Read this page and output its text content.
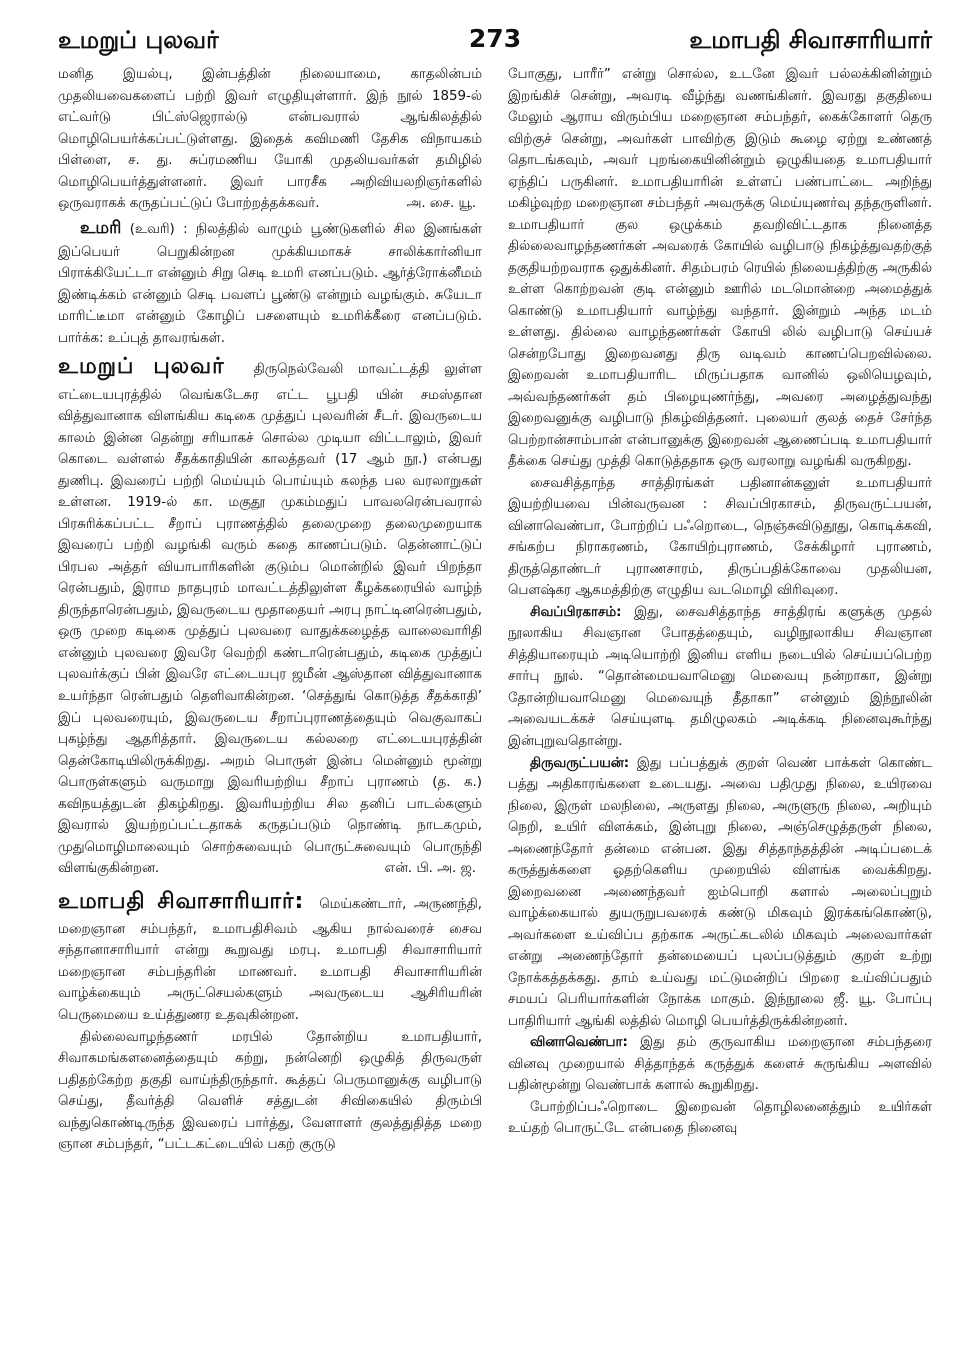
உமறுப் புலவர்	273	உமாபதி சிவாசாரியார்

மனித இயல்பு, இன்பத்தின் நிலையாமை, காதலின்பம் முதலியவைகளைப் பற்றி இவர் எழுதியுள்ளார். இந் நூல் 1859-ல் எட்வர்டு பிட்ஸ்ஜெரால்டு என்பவரால் ஆங்கிலத்தில் மொழிபெயர்க்கப்பட்டுள்ளது. இதைக் கவிமணி தேசிக விநாயகம் பிள்ளை, ச. து. சுப்ரமணிய யோகி முதலியவர்கள் தமிழில் மொழிபெயர்த்துள்ளனர். இவர் பாரசீக அறிவியலறிஞர்களில் ஒருவராகக் கருதப்பட்டுப் போற்றத்தக்கவர்.	அ. சை. யூ.

உமரி (உவரி) : நிலத்தில் வாழும் பூண்டுகளில் சில இனங்கள் இப்பெயர் பெறுகின்றன முக்கியமாகச் சாலிக்கார்னியா பிராக்கியேட்டா என்னும் சிறு செடி உமரி எனப்படும். ஆர்த்ரோக்னீமம் இண்டிக்கம் என்னும் செடி பவளப் பூண்டு என்றும் வழங்கும். சுயேடா மாரிட்டீமா என்னும் கோழிப் பசளையும் உமரிக்கீரை எனப்படும். பார்க்க: உப்புத் தாவரங்கள்.

உமறுப் புலவர் திருநெல்வேலி மாவட்டத்தி லுள்ள எட்டையபுரத்தில் வெங்கடேசுர எட்ட பூபதி யின் சமஸ்தான வித்துவானாக விளங்கிய கடிகை முத்துப் புலவரின் சீடர். இவருடைய காலம் இன்ன தென்று சரியாகச் சொல்ல முடியா விட்டாலும், இவர் கொடை வள்ளல் சீதக்காதியின் காலத்தவர் (17 ஆம் நூ.) என்பது துணிபு. இவரைப் பற்றி மெய்யும் பொய்யும் கலந்த பல வரலாறுகள் உள்ளன. 1919-ல் கா. மகுதூ முகம்மதுப் பாவலரென்பவரால் பிரசுரிக்கப்பட்ட சீறாப் புராணத்தில் தலைமுறை தலைமுறையாக இவரைப் பற்றி வழங்கி வரும் கதை காணப்படும். தென்னாட்டுப் பிரபல அத்தர் வியாபாரிகளின் குடும்ப மொன்றில் இவர் பிறந்தா ரென்பதும், இராம நாதபுரம் மாவட்டத்திலுள்ள கீழக்கரையில் வாழ்ந் திருந்தாரென்பதும், இவருடைய மூதாதையர் அரபு நாட்டினரென்பதும், ஒரு முறை கடிகை முத்துப் புலவரை வாதுக்கழைத்த வாலைவாரிதி என்னும் புலவரை இவரே வெற்றி கண்டாரென்பதும், கடிகை முத்துப் புலவர்க்குப் பின் இவரே எட்டையபுர ஜமீன் ஆஸ்தான வித்துவானாக உயர்ந்தா ரென்பதும் தெளிவாகின்றன. ‘செத்துங் கொடுத்த சீதக்காதி’ இப் புலவரையும், இவருடைய சீறாப்புராணத்தையும் வெகுவாகப் புகழ்ந்து ஆதரித்தார். இவருடைய கல்லறை எட்டையபுரத்தின் தென்கோடியிலிருக்கிறது. அறம் பொருள் இன்ப மென்னும் மூன்று பொருள்களும் வருமாறு இவரியற்றிய சீறாப் புராணம் (த. க.) கவிநயத்துடன் திகழ்கிறது. இவரியற்றிய சில தனிப் பாடல்களும் இவரால் இயற்றப்பட்டதாகக் கருதப்படும் நொண்டி நாடகமும், முதுமொழிமாலையும் சொற்சுவையும் பொருட்சுவையும் பொருந்தி விளங்குகின்றன.	என். பி. அ. ஜ.

உமாபதி சிவாசாரியார்: மெய்கண்டார், அருணந்தி, மறைஞான சம்பந்தர், உமாபதிசிவம் ஆகிய நால்வரைச் சைவ சந்தானாசாரியார் என்று கூறுவது மரபு. உமாபதி சிவாசாரியார் மறைஞான சம்பந்தரின் மாணவர். உமாபதி சிவாசாரியரின் வாழ்க்கையும் அருட்செயல்களும் அவருடைய ஆசிரியரின் பெருமையை உய்த்துணர உதவுகின்றன.

தில்லைவாழந்தணர் மரபில் தோன்றிய உமாபதியார், சிவாகமங்களனைத்தையும் கற்று, நன்னெறி ஒழுகித் திருவருள் பதிதற்கேற்ற தகுதி வாய்ந்திருந்தார். கூத்தப் பெருமானுக்கு வழிபாடு செய்து, தீவர்த்தி வெளிச் சத்துடன் சிவிகையில் திரும்பி வந்துகொண்டிருந்த இவரைப் பார்த்து, வேளாளர் குலத்துதித்த மறை ஞான சம்பந்தர், “பட்டகட்டையில் பகற் குருடு

போகுது, பாரீர்” என்று சொல்ல, உடனே இவர் பல்லக்கினின்றும் இறங்கிச் சென்று, அவரடி வீழ்ந்து வணங்கினர். இவரது தகுதியை மேலும் ஆராய விரும்பிய மறைஞான சம்பந்தர், கைக்கோளர் தெரு விற்குச் சென்று, அவர்கள் பாவிற்கு இடும் கூழை ஏற்று உண்ணத் தொடங்கவும், அவர் புறங்கையினின்றும் ஒழுகியதை உமாபதியார் ஏந்திப் பருகினர். உமாபதியாரின் உள்ளப் பண்பாட்டை அறிந்து மகிழ்வுற்ற மறைஞான சம்பந்தர் அவருக்கு மெய்யுணர்வு தந்தருளினர். உமாபதியார் குல ஒழுக்கம் தவறிவிட்டதாக நினைத்த தில்லைவாழந்தணர்கள் அவரைக் கோயில் வழிபாடு நிகழ்த்துவதற்குத் தகுதியற்றவராக ஒதுக்கினர். சிதம்பரம் ரெயில் நிலையத்திற்கு அருகில் உள்ள கொற்றவன் குடி என்னும் ஊரில் மடமொன்றை அமைத்துக் கொண்டு உமாபதியார் வாழ்ந்து வந்தார். இன்றும் அந்த மடம் உள்ளது. தில்லை வாழந்தணர்கள் கோயி லில் வழிபாடு செய்யச் சென்றபோது இறைவனது திரு வடிவம் காணப்பெறவில்லை. இறைவன் உமாபதியாரிட மிருப்பதாக வானில் ஒலியெழவும், அவ்வந்தணர்கள் தம் பிழையுணர்ந்து, அவரை அழைத்துவந்து இறைவனுக்கு வழிபாடு நிகழ்வித்தனர். புலையர் குலத் தைச் சேர்ந்த பெற்றான்சாம்பான் என்பானுக்கு இறைவன் ஆணைப்படி உமாபதியார் தீக்கை செய்து முத்தி கொடுத்ததாக ஒரு வரலாறு வழங்கி வருகிறது.

சைவசித்தாந்த சாத்திரங்கள் பதினான்கனுள் உமாபதியார் இயற்றியவை பின்வருவன : சிவப்பிரகாசம், திருவருட்பயன், வினாவெண்பா, போற்றிப் பஃறொடை, நெஞ்சுவிடுதூது, கொடிக்கவி, சங்கற்ப நிராகரணம், கோயிற்புராணம், சேக்கிழார் புராணம், திருத்தொண்டர் புராணசாரம், திருப்பதிக்கோவை முதலியன, பௌஷ்கர ஆகமத்திற்கு எழுதிய வடமொழி விரிவுரை.

சிவப்பிரகாசம்: இது, சைவசித்தாந்த சாத்திரங் களுக்கு முதல் நூலாகிய சிவஞான போதத்தையும், வழிநூலாகிய சிவஞான சித்தியாரையும் அடியொற்றி இனிய எளிய நடையில் செய்யப்பெற்ற சார்பு நூல். “தொன்மையவாமெனு மெவையு நன்றாகா, இன்று தோன்றியவாமெனு மெவையுந் தீதாகா” என்னும் இந்நூலின் அவையடக்கச் செய்யுளடி தமிழுலகம் அடிக்கடி நினைவுகூர்ந்து இன்புறுவதொன்று.

திருவருட்பயன்: இது பப்பத்துக் குறள் வெண் பாக்கள் கொண்ட பத்து அதிகாரங்களை உடையது. அவை பதிமுது நிலை, உயிரவை நிலை, இருள் மலநிலை, அருளது நிலை, அருளுரு நிலை, அறியும் நெறி, உயிர் விளக்கம், இன்புறு நிலை, அஞ்செழுத்தருள் நிலை, அணைந்தோர் தன்மை என்பன. இது சித்தாந்தத்தின் அடிப்படைக் கருத்துக்களை ஓதற்கெளிய முறையில் விளங்க வைக்கிறது. இறைவனை அணைந்தவர் ஐம்பொறி களால் அலைப்புறும் வாழ்க்கையால் துயருறுபவரைக் கண்டு மிகவும் இரக்கங்கொண்டு, அவர்களை உய்விப்ப தற்காக அருட்கடலில் மிகவும் அலைவார்கள் என்று அணைந்தோர் தன்மையைப் புலப்படுத்தும் குறள் உற்று நோக்கத்தக்கது. தாம் உய்வது மட்டுமன்றிப் பிறரை உய்விப்பதும் சமயப் பெரியார்களின் நோக்க மாகும். இந்நூலை ஜீ. யூ. போப்பு பாதிரியார் ஆங்கி லத்தில் மொழி பெயர்த்திருக்கின்றனர்.

வினாவெண்பா: இது தம் குருவாகிய மறைஞான சம்பந்தரை வினவு முறையால் சித்தாந்தக் கருத்துக் களைச் சுருங்கிய அளவில் பதின்மூன்று வெண்பாக் களால் கூறுகிறது.

போற்றிப்பஃறொடை இறைவன் தொழிலனைத்தும் உயிர்கள் உய்தற் பொருட்டே என்பதை நினைவு
